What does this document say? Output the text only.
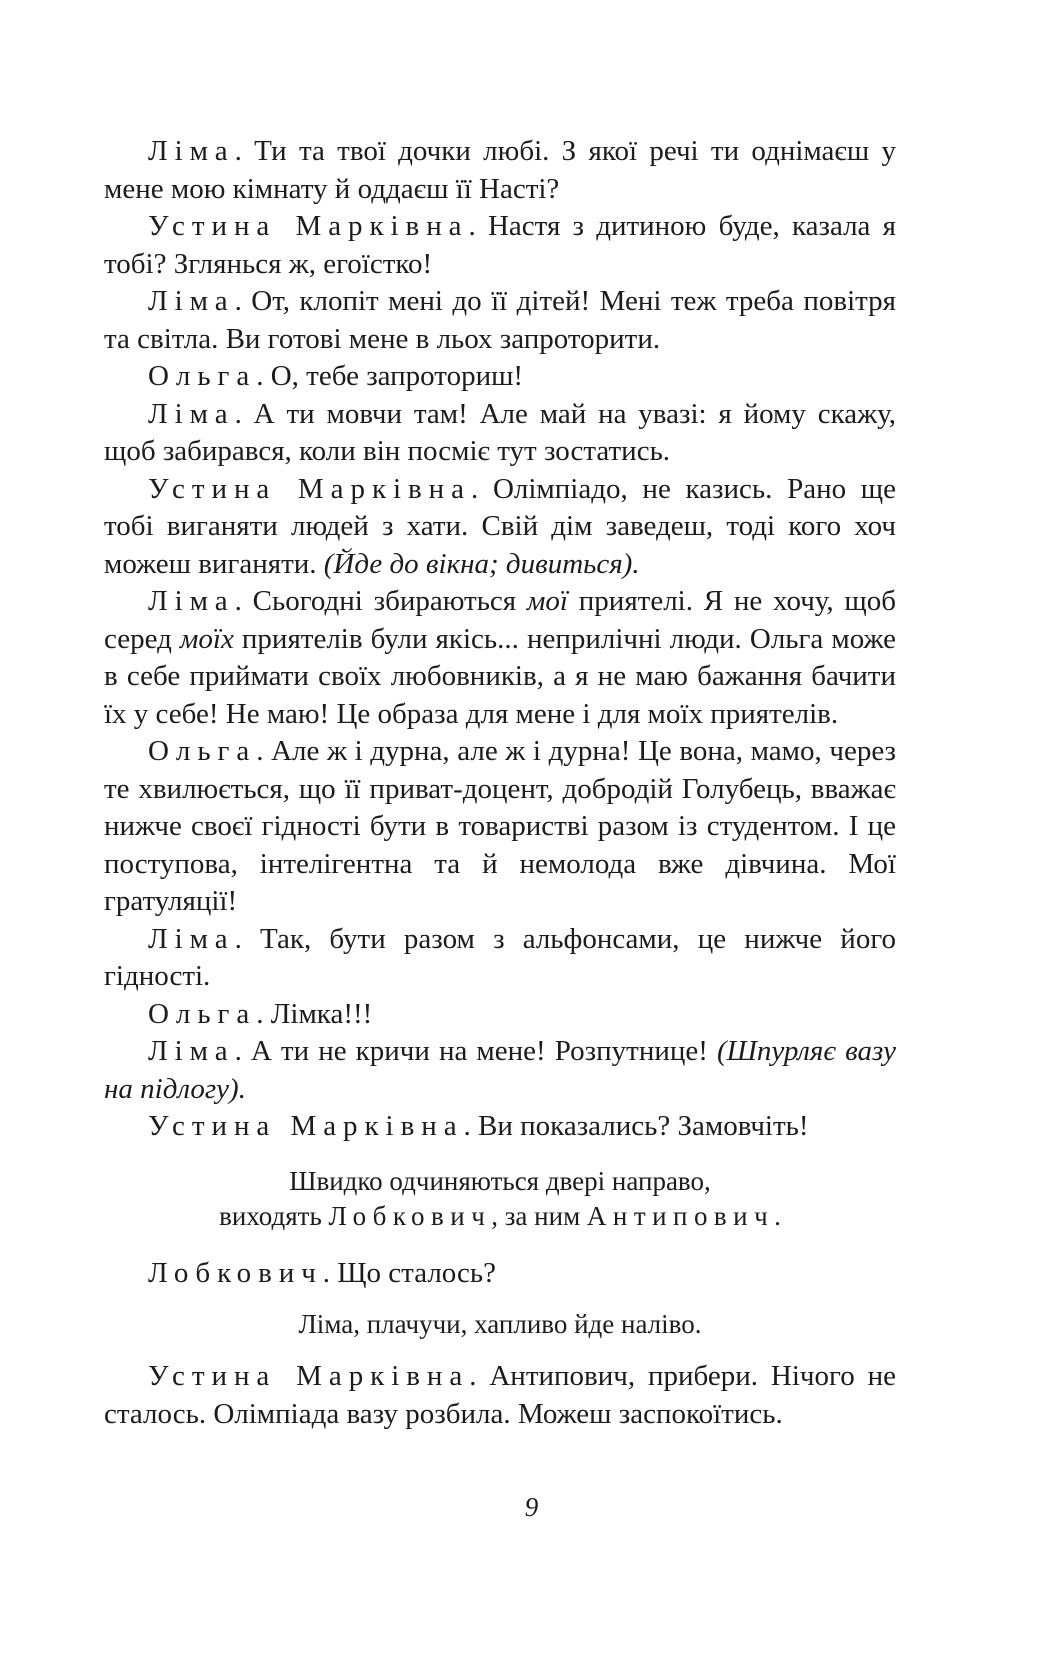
Ліма. Ти та твої дочки любі. З якої речі ти однімаєш у мене мою кімнату й оддаєш її Насті?

Устина Марківна. Настя з дитиною буде, казала я тобі? Зглянься ж, егоїстко!

Ліма. От, клопіт мені до її дітей! Мені теж треба повітря та світла. Ви готові мене в льох запроторити.

Ольга. О, тебе запроториш!

Ліма. А ти мовчи там! Але май на увазі: я йому скажу, щоб забирався, коли він посміє тут зостатись.

Устина Марківна. Олімпіадо, не казись. Рано ще тобі виганяти людей з хати. Свій дім заведеш, тоді кого хоч можеш виганяти. (Йде до вікна; дивиться).

Ліма. Сьогодні збираються мої приятелі. Я не хочу, щоб серед моїх приятелів були якісь... неприлічні люди. Ольга може в себе приймати своїх любовників, а я не маю бажання бачити їх у себе! Не маю! Це образа для мене і для моїх приятелів.

Ольга. Але ж і дурна, але ж і дурна! Це вона, мамо, через те хвилюється, що її приват-доцент, добродій Голубець, вважає нижче своєї гідності бути в товаристві разом із студентом. І це поступова, інтелігентна та й немолода вже дівчина. Мої гратуляції!

Ліма. Так, бути разом з альфонсами, це нижче його гідності.

Ольга. Лімка!!!

Ліма. А ти не кричи на мене! Розпутнице! (Шпурляє вазу на підлогу).

Устина Марківна. Ви показались? Замовчіть!

Швидко одчиняються двері направо,
виходять Лобкович, за ним Антипович.

Лобкович. Що сталось?

Ліма, плачучи, хапливо йде наліво.

Устина Марківна. Антипович, прибери. Нічого не сталось. Олімпіада вазу розбила. Можеш заспокоїтись.

9
